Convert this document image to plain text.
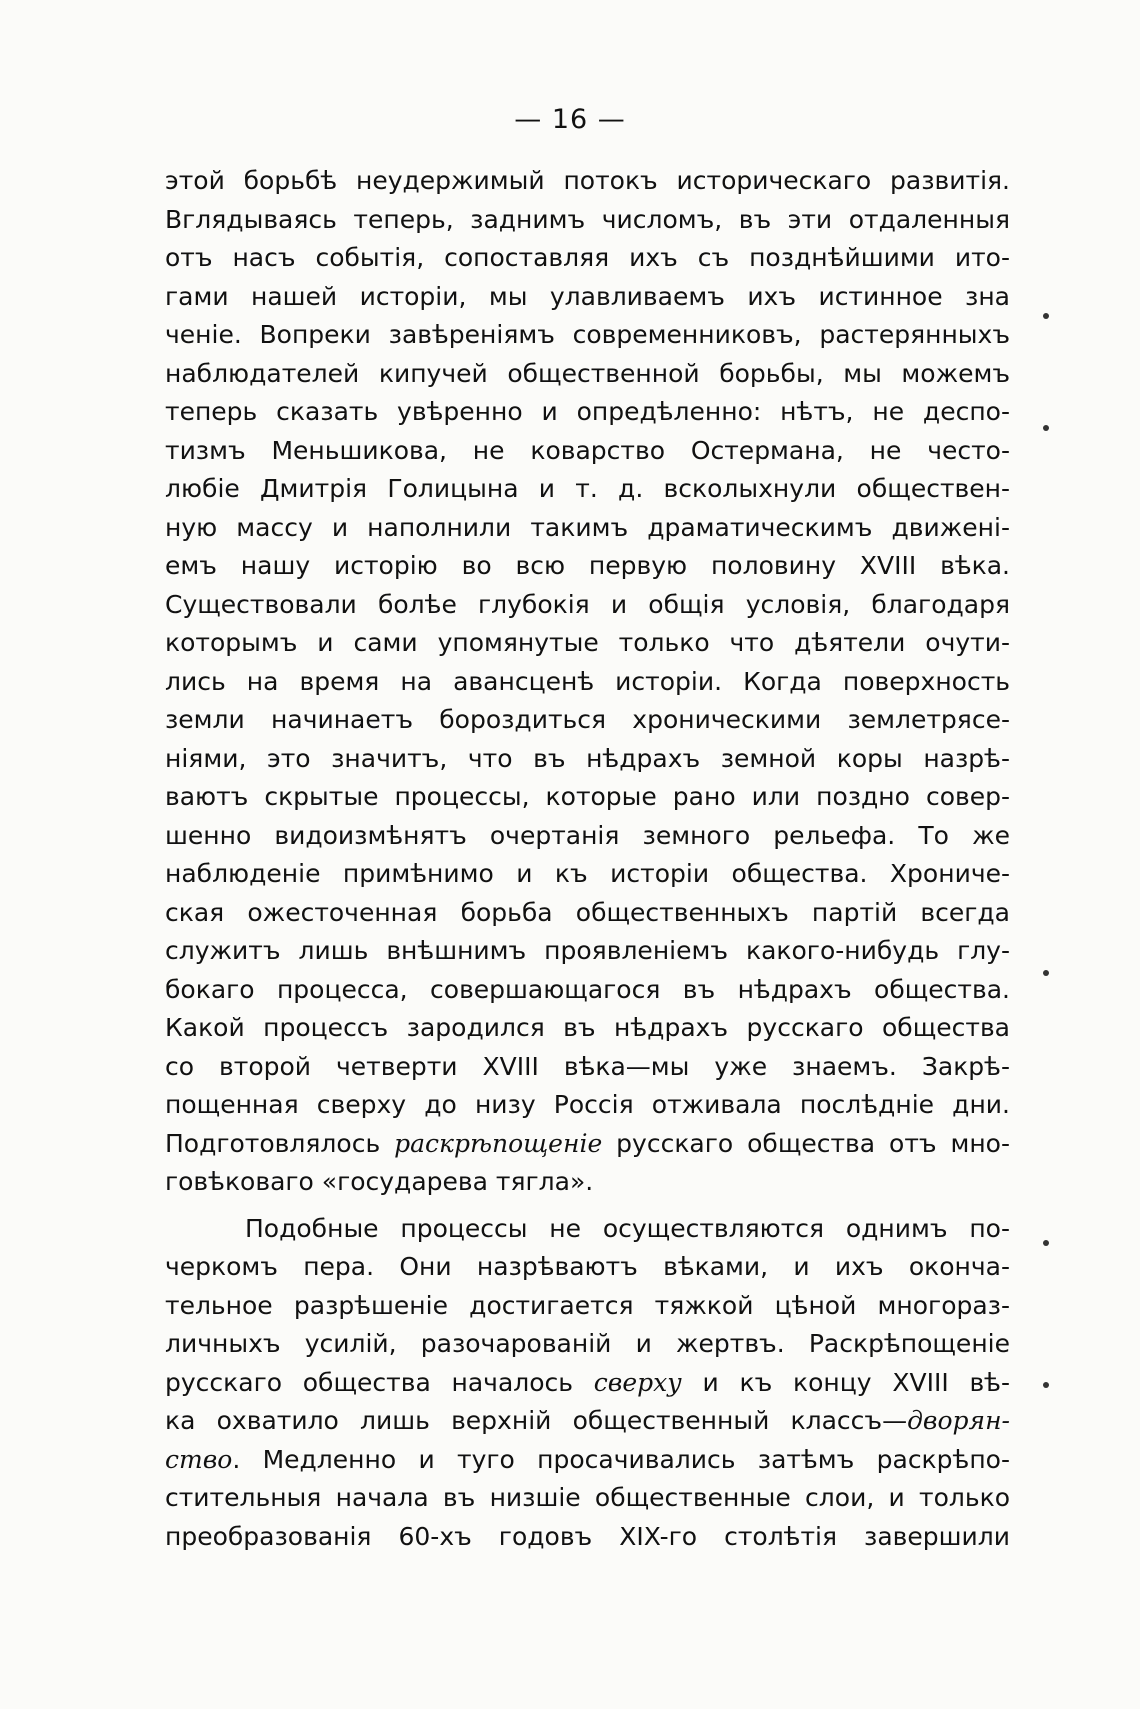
— 16 —
этой борьбѣ неудержимый потокъ историческаго развитія.
Вглядываясь теперь, заднимъ числомъ, въ эти отдаленныя
отъ насъ событія, сопоставляя ихъ съ позднѣйшими ито-
гами нашей исторіи, мы улавливаемъ ихъ истинное зна
ченіе. Вопреки завѣреніямъ современниковъ, растерянныхъ
наблюдателей кипучей общественной борьбы, мы можемъ
теперь сказать увѣренно и опредѣленно: нѣтъ, не деспо-
тизмъ Меньшикова, не коварство Остермана, не често-
любіе Дмитрія Голицына и т. д. всколыхнули обществен-
ную массу и наполнили такимъ драматическимъ движені-
емъ нашу исторію во всю первую половину XVIII вѣка.
Существовали болѣе глубокія и общія условія, благодаря
которымъ и сами упомянутые только что дѣятели очути-
лись на время на авансценѣ исторіи. Когда поверхность
земли начинаетъ бороздиться хроническими землетрясе-
ніями, это значитъ, что въ нѣдрахъ земной коры назрѣ-
ваютъ скрытые процессы, которые рано или поздно совер-
шенно видоизмѣнятъ очертанія земного рельефа. То же
наблюденіе примѣнимо и къ исторіи общества. Хрониче-
ская ожесточенная борьба общественныхъ партій всегда
служитъ лишь внѣшнимъ проявленіемъ какого-нибудь глу-
бокаго процесса, совершающагося въ нѣдрахъ общества.
Какой процессъ зародился въ нѣдрахъ русскаго общества
со второй четверти XVIII вѣка—мы уже знаемъ. Закрѣ-
пощенная сверху до низу Россія отживала послѣдніе дни.
Подготовлялось раскрѣпощеніе русскаго общества отъ мно-
говѣковаго «государева тягла».
Подобные процессы не осуществляются однимъ по-
черкомъ пера. Они назрѣваютъ вѣками, и ихъ оконча-
тельное разрѣшеніе достигается тяжкой цѣной многораз-
личныхъ усилій, разочарованій и жертвъ. Раскрѣпощеніе
русскаго общества началось сверху и къ концу XVIII вѣ-
ка охватило лишь верхній общественный классъ—дворян-
ство. Медленно и туго просачивались затѣмъ раскрѣпо-
стительныя начала въ низшіе общественные слои, и только
преобразованія 60-хъ годовъ XIX-го столѣтія завершили
